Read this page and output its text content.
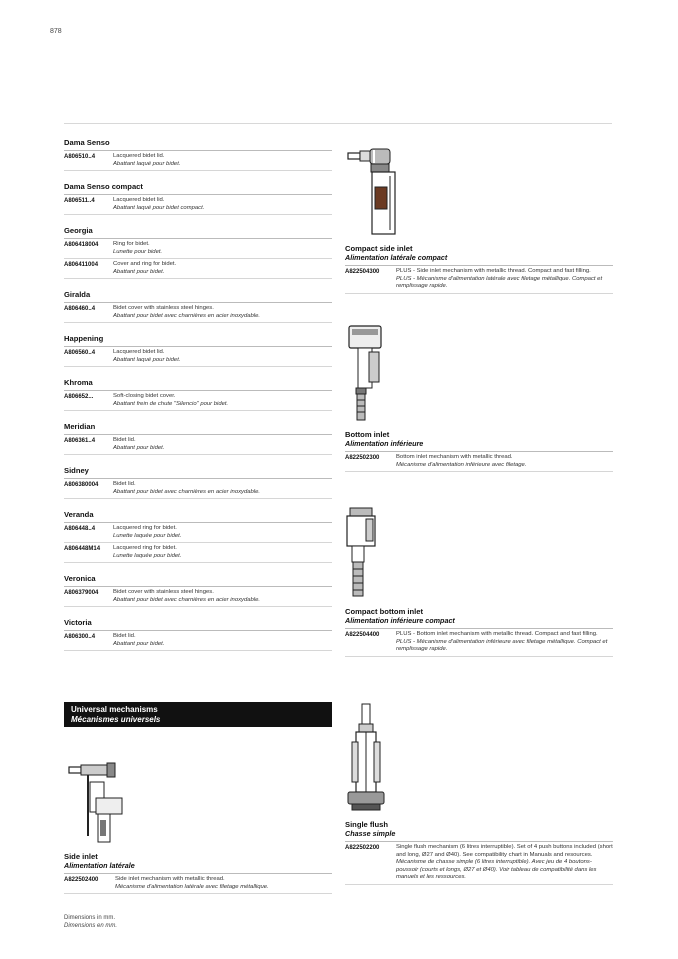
878
Dama Senso
A806510..4	Lacquered bidet lid.
Abattant laqué pour bidet.
Dama Senso compact
A806511..4	Lacquered bidet lid.
Abattant laqué pour bidet compact.
Georgia
A806418004	Ring for bidet.
Lunette pour bidet.
A806411004	Cover and ring for bidet.
Abattant pour bidet.
Giralda
A806460..4	Bidet cover with stainless steel hinges.
Abattant pour bidet avec charnières en acier inoxydable.
Happening
A806560..4	Lacquered bidet lid.
Abattant laqué pour bidet.
Khroma
A806652...	Soft-closing bidet cover.
Abattant frein de chute "Silencio" pour bidet.
Meridian
A806361..4	Bidet lid.
Abattant pour bidet.
Sidney
A806380004	Bidet lid.
Abattant pour bidet avec charnières en acier inoxydable.
Veranda
A806448..4	Lacquered ring for bidet.
Lunette laquée pour bidet.
A806448M14	Lacquered ring for bidet.
Lunette laquée pour bidet.
Veronica
A806379004	Bidet cover with stainless steel hinges.
Abattant pour bidet avec charnières en acier inoxydable.
Victoria
A806300..4	Bidet lid.
Abattant pour bidet.
Universal mechanisms
Mécanismes universels
Compact side inlet
Alimentation latérale compact
A822504300	PLUS - Side inlet mechanism with metallic thread. Compact and fast filling.
PLUS - Mécanisme d'alimentation latérale avec filetage métallique. Compact et remplissage rapide.
Bottom inlet
Alimentation inférieure
A822502300	Bottom inlet mechanism with metallic thread.
Mécanisme d'alimentation inférieure avec filetage.
Compact bottom inlet
Alimentation inférieure compact
A822504400	PLUS - Bottom inlet mechanism with metallic thread. Compact and fast filling.
PLUS - Mécanisme d'alimentation inférieure avec filetage métallique. Compact et remplissage rapide.
Single flush
Chasse simple
A822502200	Single flush mechanism (6 litres interruptible). Set of 4 push buttons included (short and long, Ø27 and Ø40). See compatibility chart in Manuals and resources.
Mécanisme de chasse simple (6 litres interruptible). Avec jeu de 4 boutons-poussoir (courts et longs, Ø27 et Ø40). Voir tableau de compatibilité dans les manuels et les ressources.
Side inlet
Alimentation latérale
A822502400	Side inlet mechanism with metallic thread.
Mécanisme d'alimentation latérale avec filetage métallique.
Dimensions in mm.
Dimensions en mm.
